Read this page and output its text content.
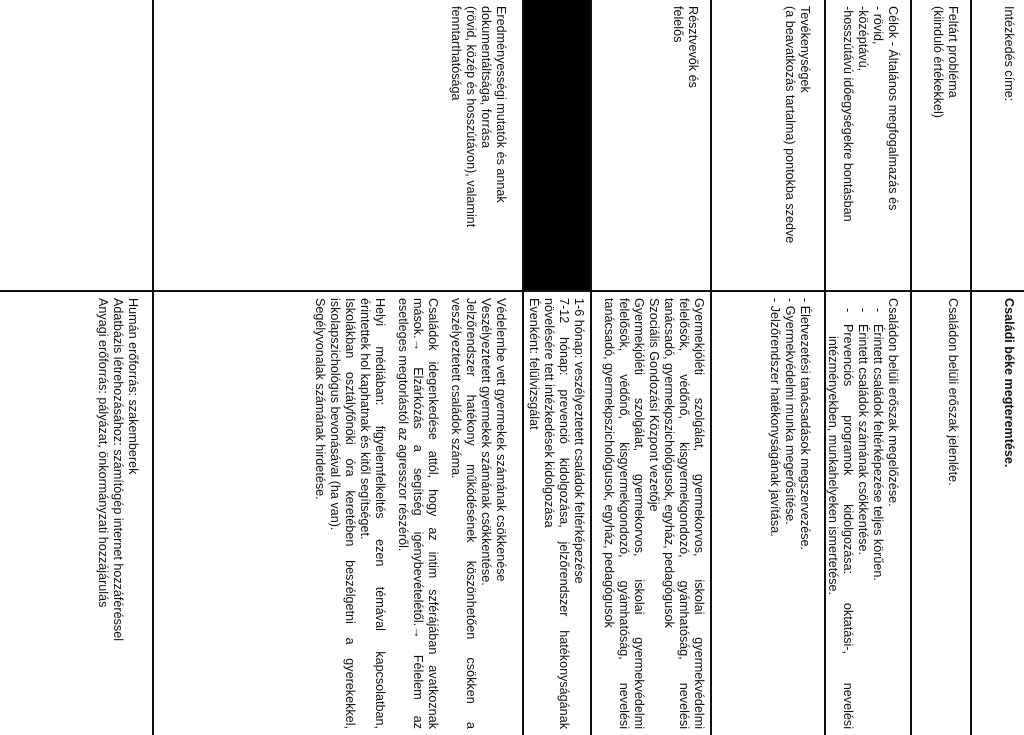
Intézkedés címe:
Családi béke megteremtése.
Feltárt probléma
(kiinduló értékekkel)
Családon belüli erőszak jelenléte.
Célok - Általános megfogalmazás és
- rövid,
-középtávú,
-hosszútávú időegységekre bontásban
Családon belüli erőszak megelőzése.
-
Érintett családok feltérképezése teljes körűen.
-
Érintett családok számának csökkentése.
-
Prevenciós programok kidolgozása: oktatási-, nevelési
intézményekben, munkahelyeken ismertetése.
Tevékenységek
(a beavatkozás tartalma) pontokba szedve
- Életvezetési tanácsadások megszervezése.
- Gyermekvédelmi munka megerősítése.
- Jelzőrendszer hatékonyságának javítása.
Résztvevők és
felelős
Gyermekjóléti szolgálat, gyermekorvos, iskolai gyermekvédelmi
felelősök, védőnő, kisgyermekgondozó, gyámhatóság, nevelési
tanácsadó, gyermekpszichológusok, egyház, pedagógusok
Szociális Gondozási Központ vezetője
Gyermekjóléti szolgálat, gyermekorvos, iskolai gyermekvédelmi
felelősök, védőnő, kisgyermekgondozó, gyámhatóság, nevelési
tanácsadó, gyermekpszichológusok, egyház, pedagógusok
1-6 hónap: veszélyeztetett családok feltérképezése
7-12 hónap: prevenció kidolgozása, jelzőrendszer hatékonyságának
növelésére tett intézkedések kidolgozása
Évenként: felülvizsgálat
Eredményességi mutatók és annak
dokumentáltsága, forrása
(rövid, közép és hosszútávon), valamint
fenntarthatósága
Védelembe vett gyermekek számának csökkenése
Veszélyeztetett gyermekek számának csökkentése.
Jelzőrendszer hatékony működésének köszönhetően csökken a
veszélyeztetett családok száma.
Családok idegenkedése attól, hogy az intim szférájában avatkoznak
mások.→ Elzárkózás a segítség igénybevételétől.→ Félelem az
esetleges megtorlástól az agresszor részéről.
Helyi médiában: figyelemfelkeltés ezen témával kapcsolatban,
érintettek hol kaphatnak és kitől segítséget.
Iskolákban osztályfőnöki óra keretében beszélgetni a gyerekekkel,
iskolapszichológus bevonásával (ha van).
Segélyvonalak számának hirdetése.
Humán erőforrás: szakemberek
Adatbázis létrehozásához: számítógép internet hozzáféréssel
Anyagi erőforrás: pályázat, önkormányzati hozzájárulás
